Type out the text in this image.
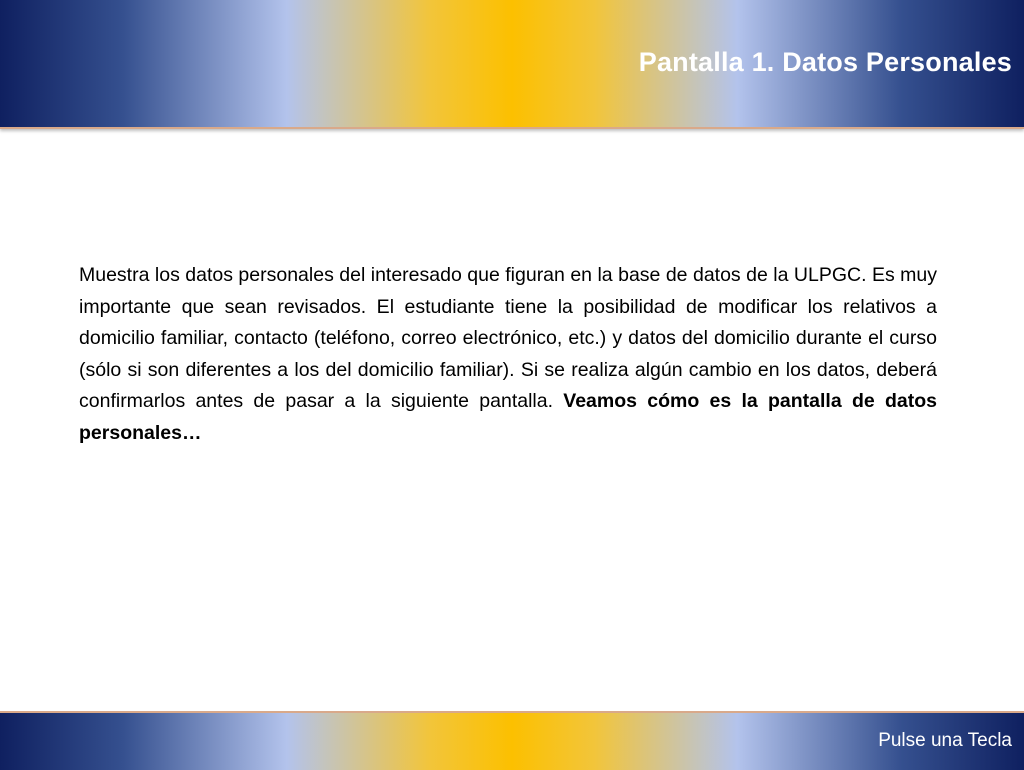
Pantalla 1. Datos Personales

Muestra los datos personales del interesado que figuran en la base de datos de la ULPGC. Es muy importante que sean revisados. El estudiante tiene la posibilidad de modificar los relativos a domicilio familiar, contacto (teléfono, correo electrónico, etc.) y datos del domicilio durante el curso (sólo si son diferentes a los del domicilio familiar). Si se realiza algún cambio en los datos, deberá confirmarlos antes de pasar a la siguiente pantalla. Veamos cómo es la pantalla de datos personales…

Pulse una Tecla
